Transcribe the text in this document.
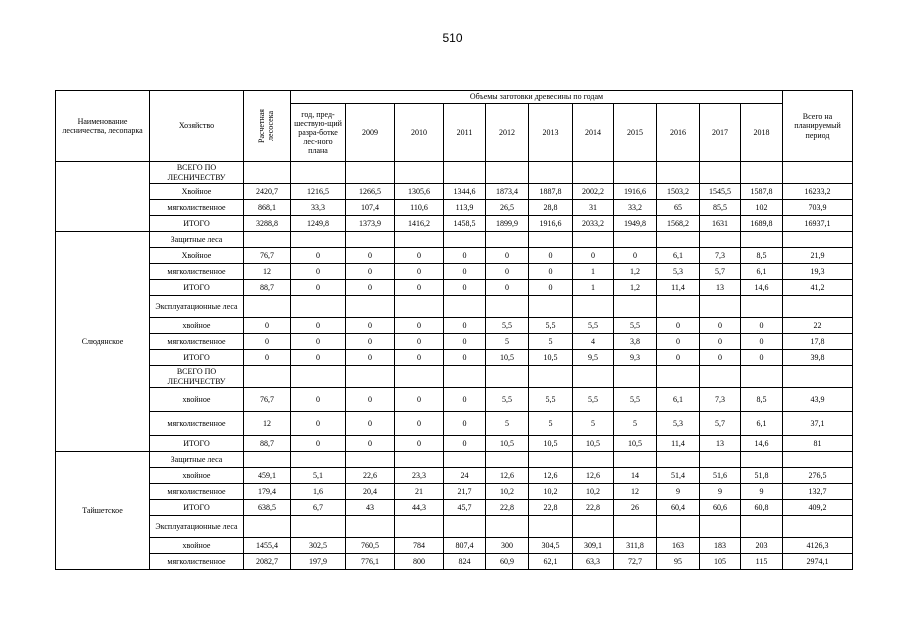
510
Наименование лесничества, лесопарка	Хозяйство	Расчетная лесосека	Объемы заготовки древесины по годам											Всего на планируемый период
			год, пред-шествую-щий разра-ботке лес-ного плана	2009	2010	2011	2012	2013	2014	2015	2016	2017	2018	
	ВСЕГО ПО ЛЕСНИЧЕСТВУ													
	Хвойное	2420,7	1216,5	1266,5	1305,6	1344,6	1873,4	1887,8	2002,2	1916,6	1503,2	1545,5	1587,8	16233,2
	мягколиственное	868,1	33,3	107,4	110,6	113,9	26,5	28,8	31	33,2	65	85,5	102	703,9
	ИТОГО	3288,8	1249,8	1373,9	1416,2	1458,5	1899,9	1916,6	2033,2	1949,8	1568,2	1631	1689,8	16937,1
Слюдянское	Защитные леса													
	Хвойное	76,7	0	0	0	0	0	0	0	0	6,1	7,3	8,5	21,9
	мягколиственное	12	0	0	0	0	0	0	1	1,2	5,3	5,7	6,1	19,3
	ИТОГО	88,7	0	0	0	0	0	0	1	1,2	11,4	13	14,6	41,2
	Эксплуатационные леса													
	хвойное	0	0	0	0	0	5,5	5,5	5,5	5,5	0	0	0	22
	мягколиственное	0	0	0	0	0	5	5	4	3,8	0	0	0	17,8
	ИТОГО	0	0	0	0	0	10,5	10,5	9,5	9,3	0	0	0	39,8
	ВСЕГО ПО ЛЕСНИЧЕСТВУ													
	хвойное	76,7	0	0	0	0	5,5	5,5	5,5	5,5	6,1	7,3	8,5	43,9
	мягколиственное	12	0	0	0	0	5	5	5	5	5,3	5,7	6,1	37,1
	ИТОГО	88,7	0	0	0	0	10,5	10,5	10,5	10,5	11,4	13	14,6	81
Тайшетское	Защитные леса													
	хвойное	459,1	5,1	22,6	23,3	24	12,6	12,6	12,6	14	51,4	51,6	51,8	276,5
	мягколиственное	179,4	1,6	20,4	21	21,7	10,2	10,2	10,2	12	9	9	9	132,7
	ИТОГО	638,5	6,7	43	44,3	45,7	22,8	22,8	22,8	26	60,4	60,6	60,8	409,2
	Эксплуатационные леса													
	хвойное	1455,4	302,5	760,5	784	807,4	300	304,5	309,1	311,8	163	183	203	4126,3
	мягколиственное	2082,7	197,9	776,1	800	824	60,9	62,1	63,3	72,7	95	105	115	2974,1
